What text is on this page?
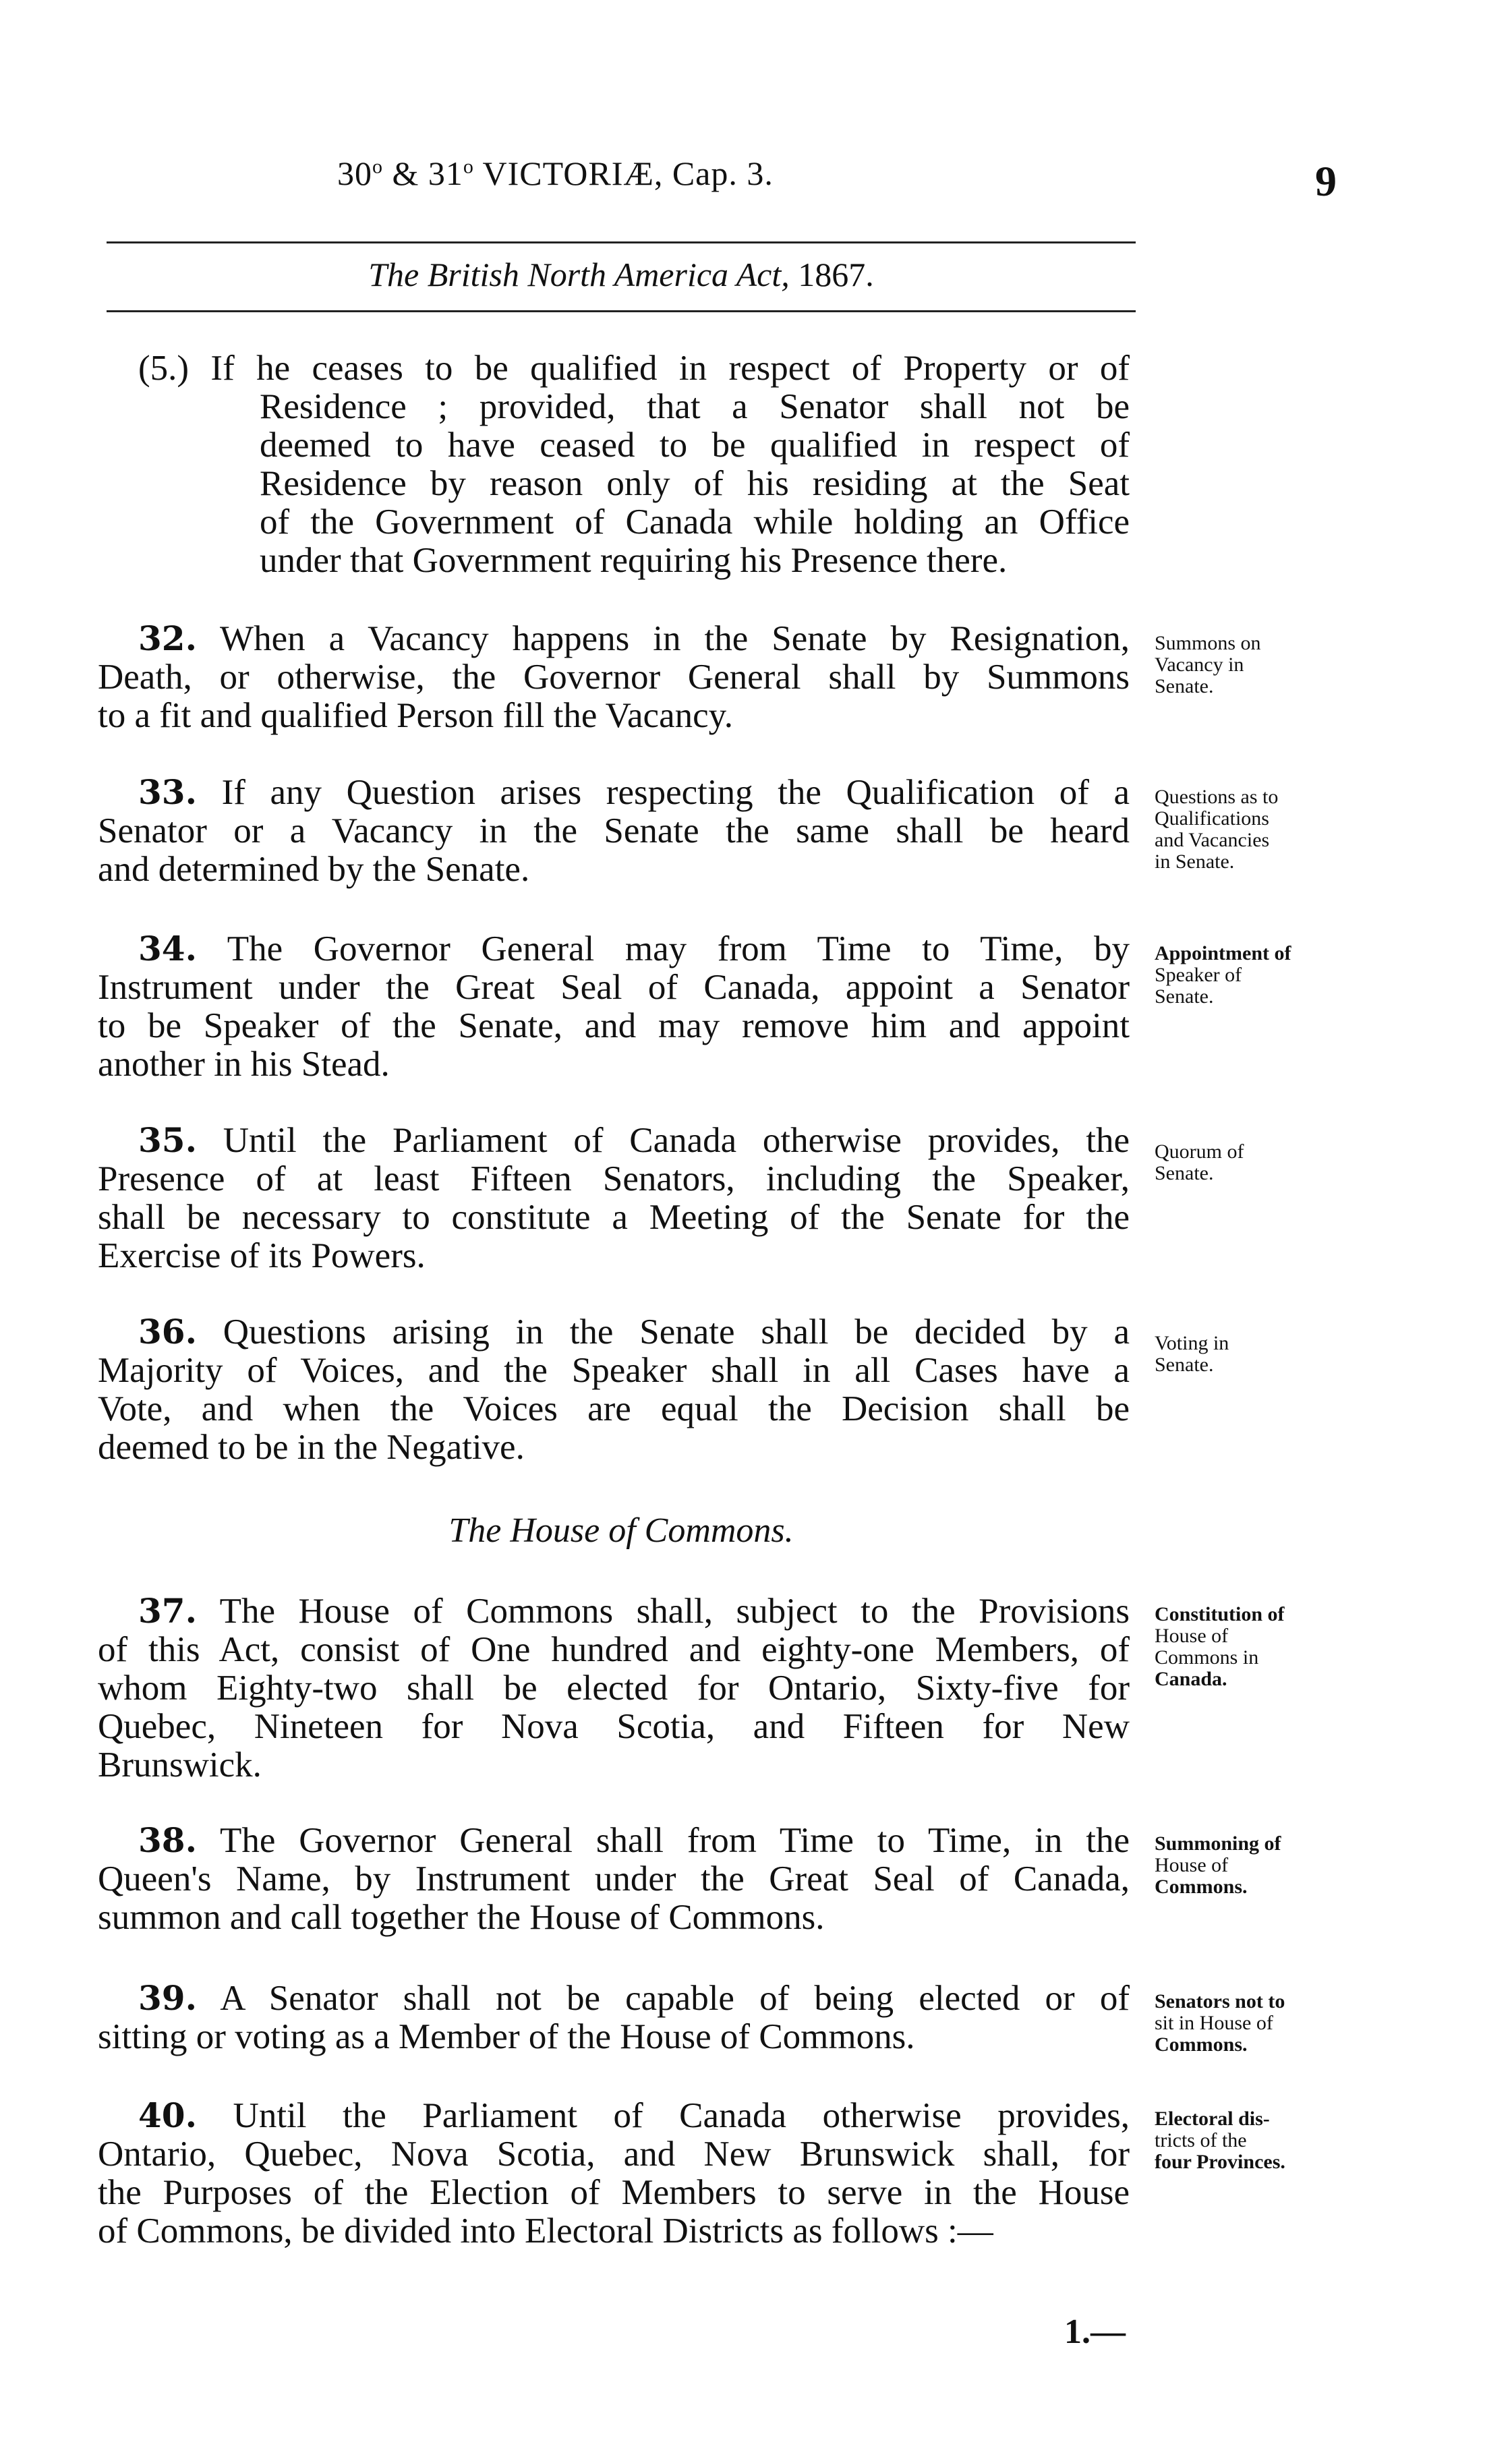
30$^o$ & 31$^o$ VICTORIÆ, Cap. 3.	9
The British North America Act, 1867.
(5.) If he ceases to be qualified in respect of Property or of
Residence ; provided, that a Senator shall not be
deemed to have ceased to be qualified in respect of
Residence by reason only of his residing at the Seat
of the Government of Canada while holding an Office
under that Government requiring his Presence there.
32. When a Vacancy happens in the Senate by Resignation,
Death, or otherwise, the Governor General shall by Summons
to a fit and qualified Person fill the Vacancy.
Summons on
Vacancy in
Senate.
33. If any Question arises respecting the Qualification of a
Senator or a Vacancy in the Senate the same shall be heard
and determined by the Senate.
Questions as to
Qualifications
and Vacancies
in Senate.
34. The Governor General may from Time to Time, by
Instrument under the Great Seal of Canada, appoint a Senator
to be Speaker of the Senate, and may remove him and appoint
another in his Stead.
Appointment of
Speaker of
Senate.
35. Until the Parliament of Canada otherwise provides, the
Presence of at least Fifteen Senators, including the Speaker,
shall be necessary to constitute a Meeting of the Senate for the
Exercise of its Powers.
Quorum of
Senate.
36. Questions arising in the Senate shall be decided by a
Majority of Voices, and the Speaker shall in all Cases have a
Vote, and when the Voices are equal the Decision shall be
deemed to be in the Negative.
Voting in
Senate.
The House of Commons.
37. The House of Commons shall, subject to the Provisions
of this Act, consist of One hundred and eighty-one Members, of
whom Eighty-two shall be elected for Ontario, Sixty-five for
Quebec, Nineteen for Nova Scotia, and Fifteen for New
Brunswick.
Constitution of
House of
Commons in
Canada.
38. The Governor General shall from Time to Time, in the
Queen's Name, by Instrument under the Great Seal of Canada,
summon and call together the House of Commons.
Summoning of
House of
Commons.
39. A Senator shall not be capable of being elected or of
sitting or voting as a Member of the House of Commons.
Senators not to
sit in House of
Commons.
40. Until the Parliament of Canada otherwise provides,
Ontario, Quebec, Nova Scotia, and New Brunswick shall, for
the Purposes of the Election of Members to serve in the House
of Commons, be divided into Electoral Districts as follows :—
Electoral dis-
tricts of the
four Provinces.
1.—
